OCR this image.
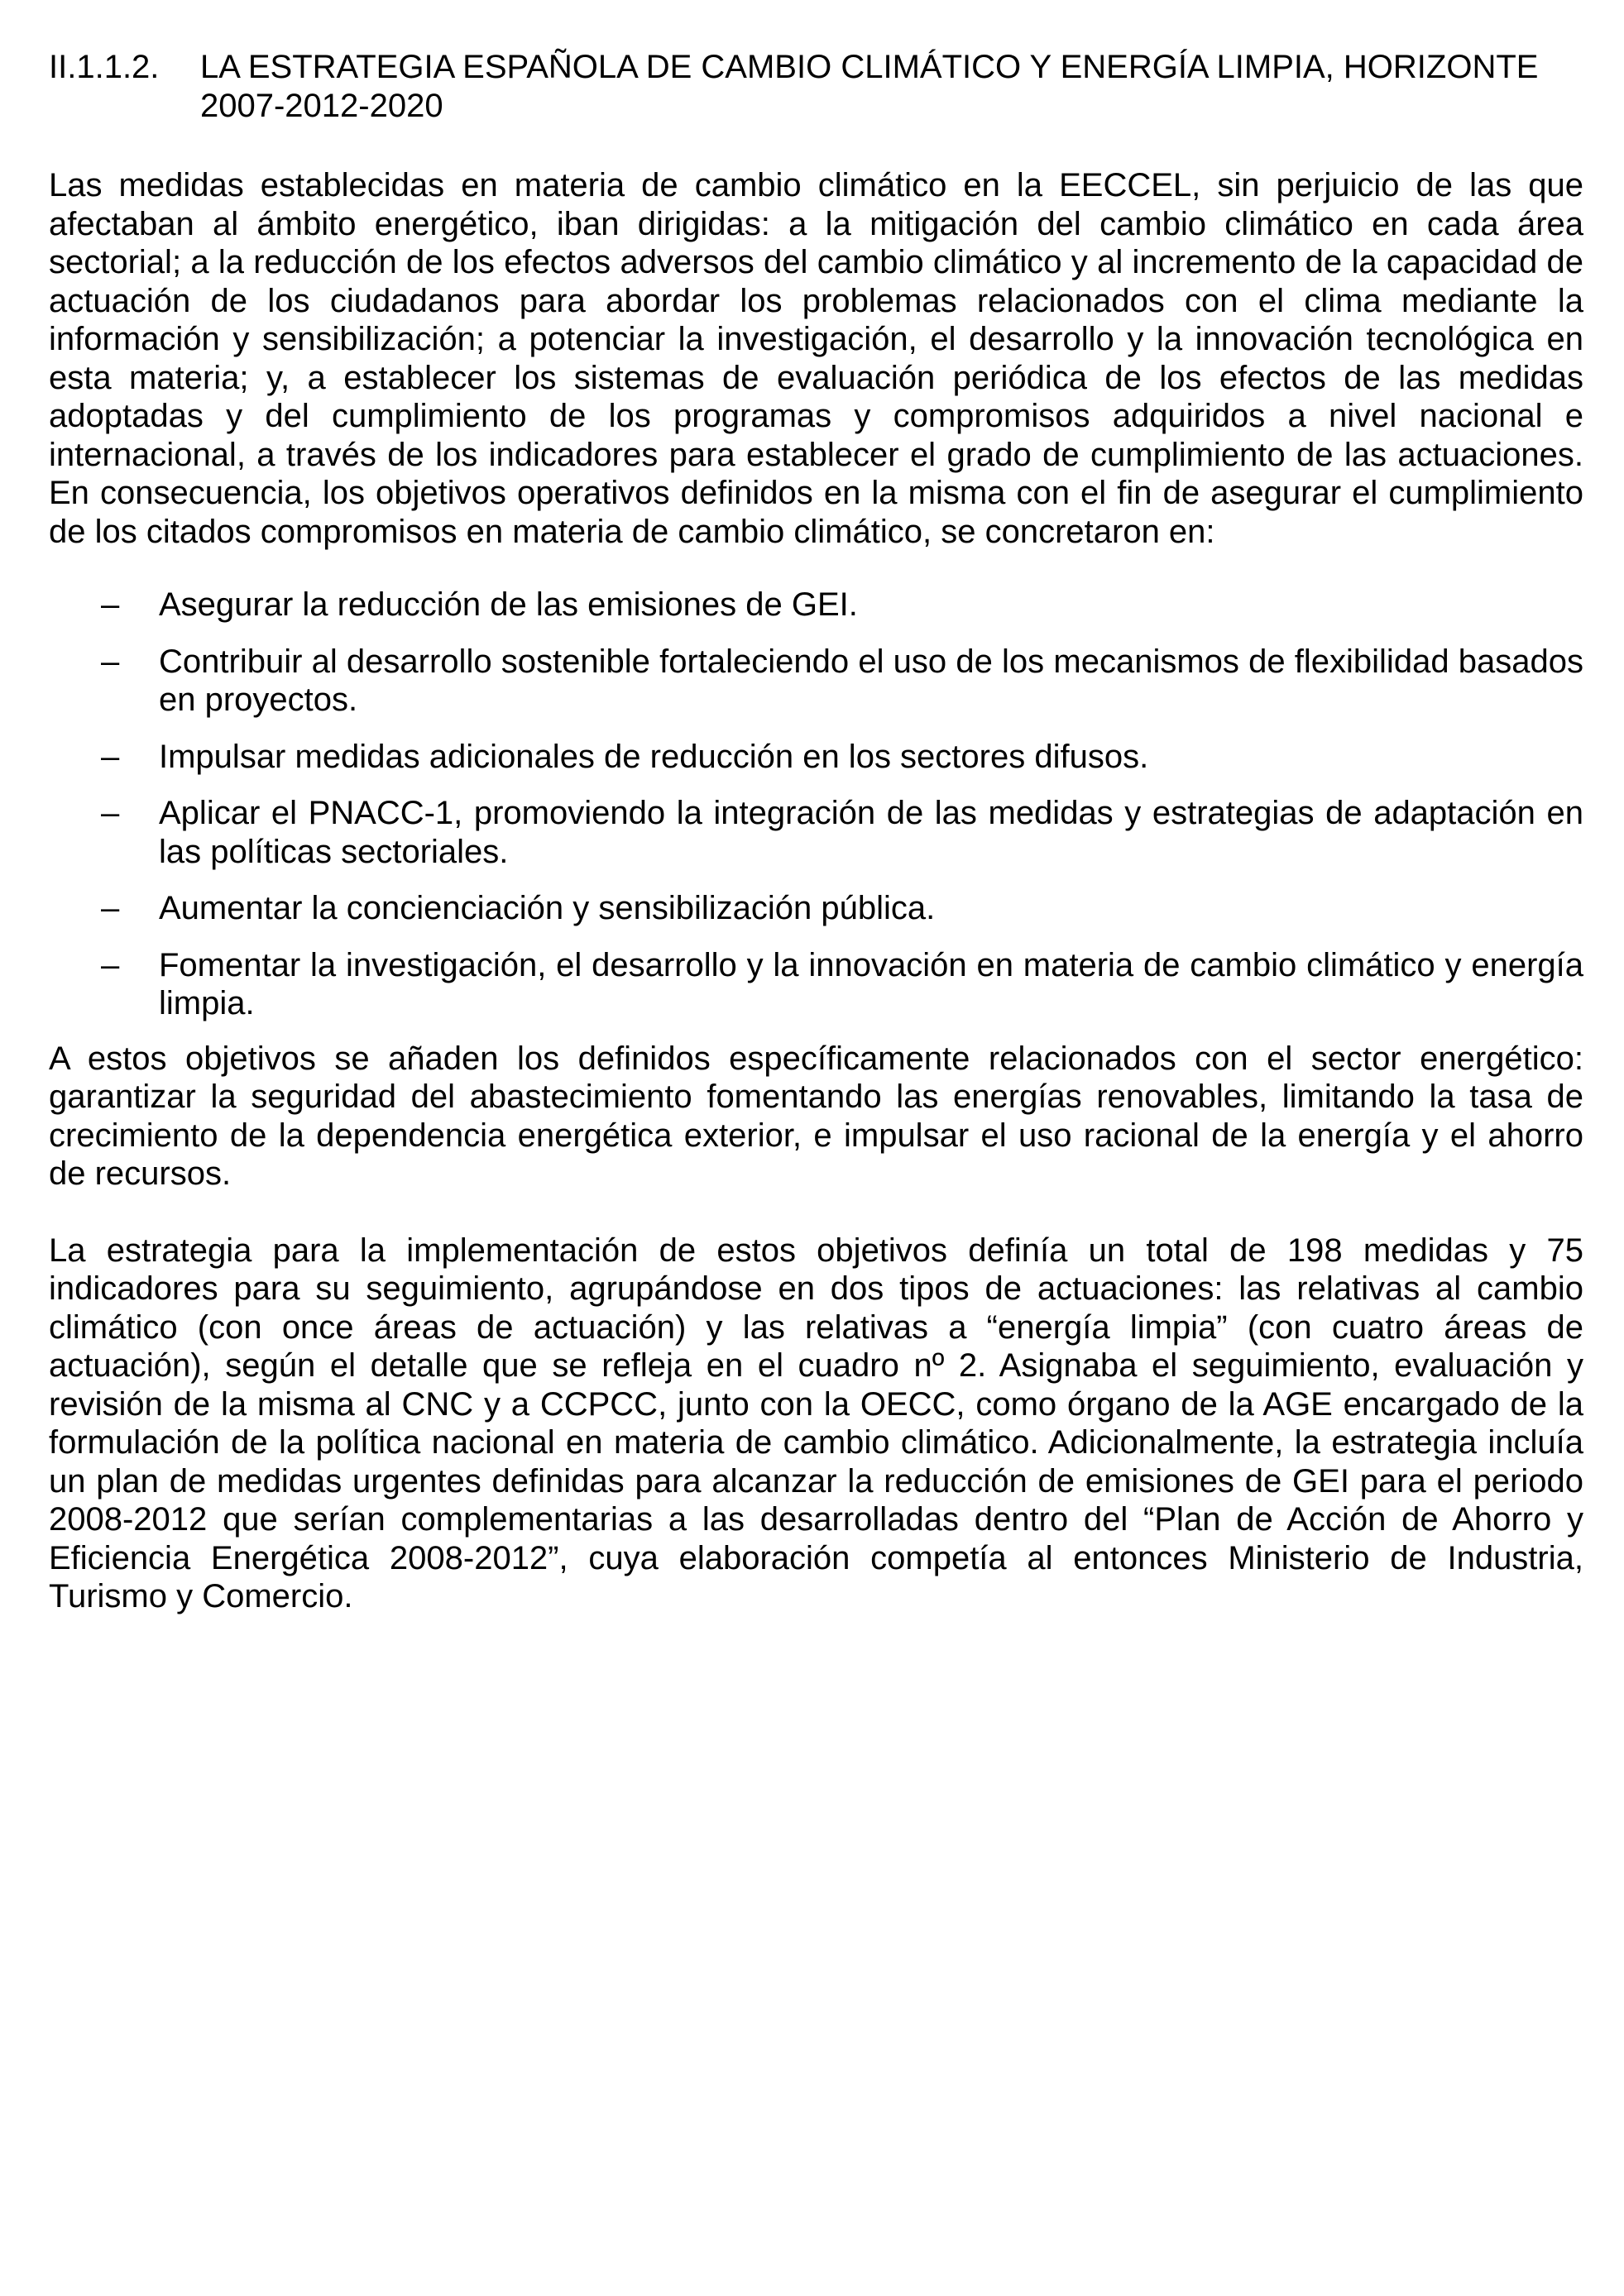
II.1.1.2.	LA ESTRATEGIA ESPAÑOLA DE CAMBIO CLIMÁTICO Y ENERGÍA LIMPIA, HORIZONTE 2007-2012-2020

Las medidas establecidas en materia de cambio climático en la EECCEL, sin perjuicio de las que afectaban al ámbito energético, iban dirigidas: a la mitigación del cambio climático en cada área sectorial; a la reducción de los efectos adversos del cambio climático y al incremento de la capacidad de actuación de los ciudadanos para abordar los problemas relacionados con el clima mediante la información y sensibilización; a potenciar la investigación, el desarrollo y la innovación tecnológica en esta materia; y, a establecer los sistemas de evaluación periódica de los efectos de las medidas adoptadas y del cumplimiento de los programas y compromisos adquiridos a nivel nacional e internacional, a través de los indicadores para establecer el grado de cumplimiento de las actuaciones. En consecuencia, los objetivos operativos definidos en la misma con el fin de asegurar el cumplimiento de los citados compromisos en materia de cambio climático, se concretaron en:

–	Asegurar la reducción de las emisiones de GEI.
–	Contribuir al desarrollo sostenible fortaleciendo el uso de los mecanismos de flexibilidad basados en proyectos.
–	Impulsar medidas adicionales de reducción en los sectores difusos.
–	Aplicar el PNACC-1, promoviendo la integración de las medidas y estrategias de adaptación en las políticas sectoriales.
–	Aumentar la concienciación y sensibilización pública.
–	Fomentar la investigación, el desarrollo y la innovación en materia de cambio climático y energía limpia.

A estos objetivos se añaden los definidos específicamente relacionados con el sector energético: garantizar la seguridad del abastecimiento fomentando las energías renovables, limitando la tasa de crecimiento de la dependencia energética exterior, e impulsar el uso racional de la energía y el ahorro de recursos.

La estrategia para la implementación de estos objetivos definía un total de 198 medidas y 75 indicadores para su seguimiento, agrupándose en dos tipos de actuaciones: las relativas al cambio climático (con once áreas de actuación) y las relativas a “energía limpia” (con cuatro áreas de actuación), según el detalle que se refleja en el cuadro nº 2. Asignaba el seguimiento, evaluación y revisión de la misma al CNC y a CCPCC, junto con la OECC, como órgano de la AGE encargado de la formulación de la política nacional en materia de cambio climático. Adicionalmente, la estrategia incluía un plan de medidas urgentes definidas para alcanzar la reducción de emisiones de GEI para el periodo 2008-2012 que serían complementarias a las desarrolladas dentro del “Plan de Acción de Ahorro y Eficiencia Energética 2008-2012”, cuya elaboración competía al entonces Ministerio de Industria, Turismo y Comercio.
